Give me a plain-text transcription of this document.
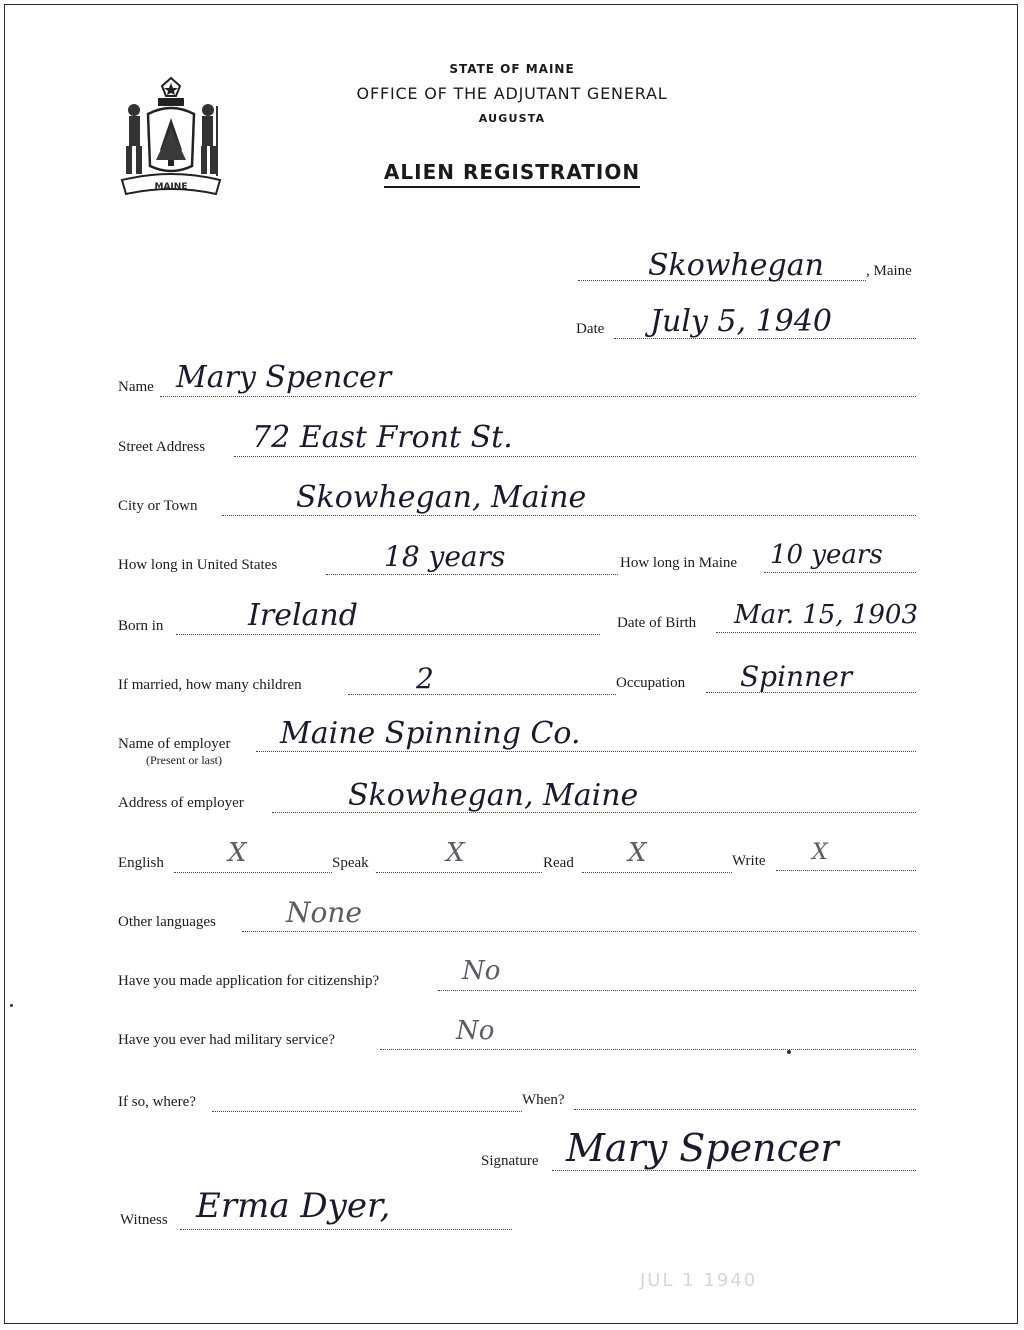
MAINE
STATE OF MAINE
OFFICE OF THE ADJUTANT GENERAL
AUGUSTA
ALIEN REGISTRATION
Skowhegan	, Maine
Date July 5, 1940
Name Mary Spencer
Street Address 72 East Front St.
City or Town	Skowhegan, Maine
How long in United States	18 years	How long in Maine 10 years
Born in	Ireland	Date of Birth Mar. 15, 1903
If married, how many children	2	Occupation Spinner
Name of employer
(Present or last)
Maine Spinning Co.
Address of employer	Skowhegan, Maine
English X	Speak	X	Read X	Write X
Other languages	None
Have you made application for citizenship?	No
Have you ever had military service?	No
If so, where?	When?
Signature Mary Spencer
Witness Erma Dyer,
JUL 1 1940
